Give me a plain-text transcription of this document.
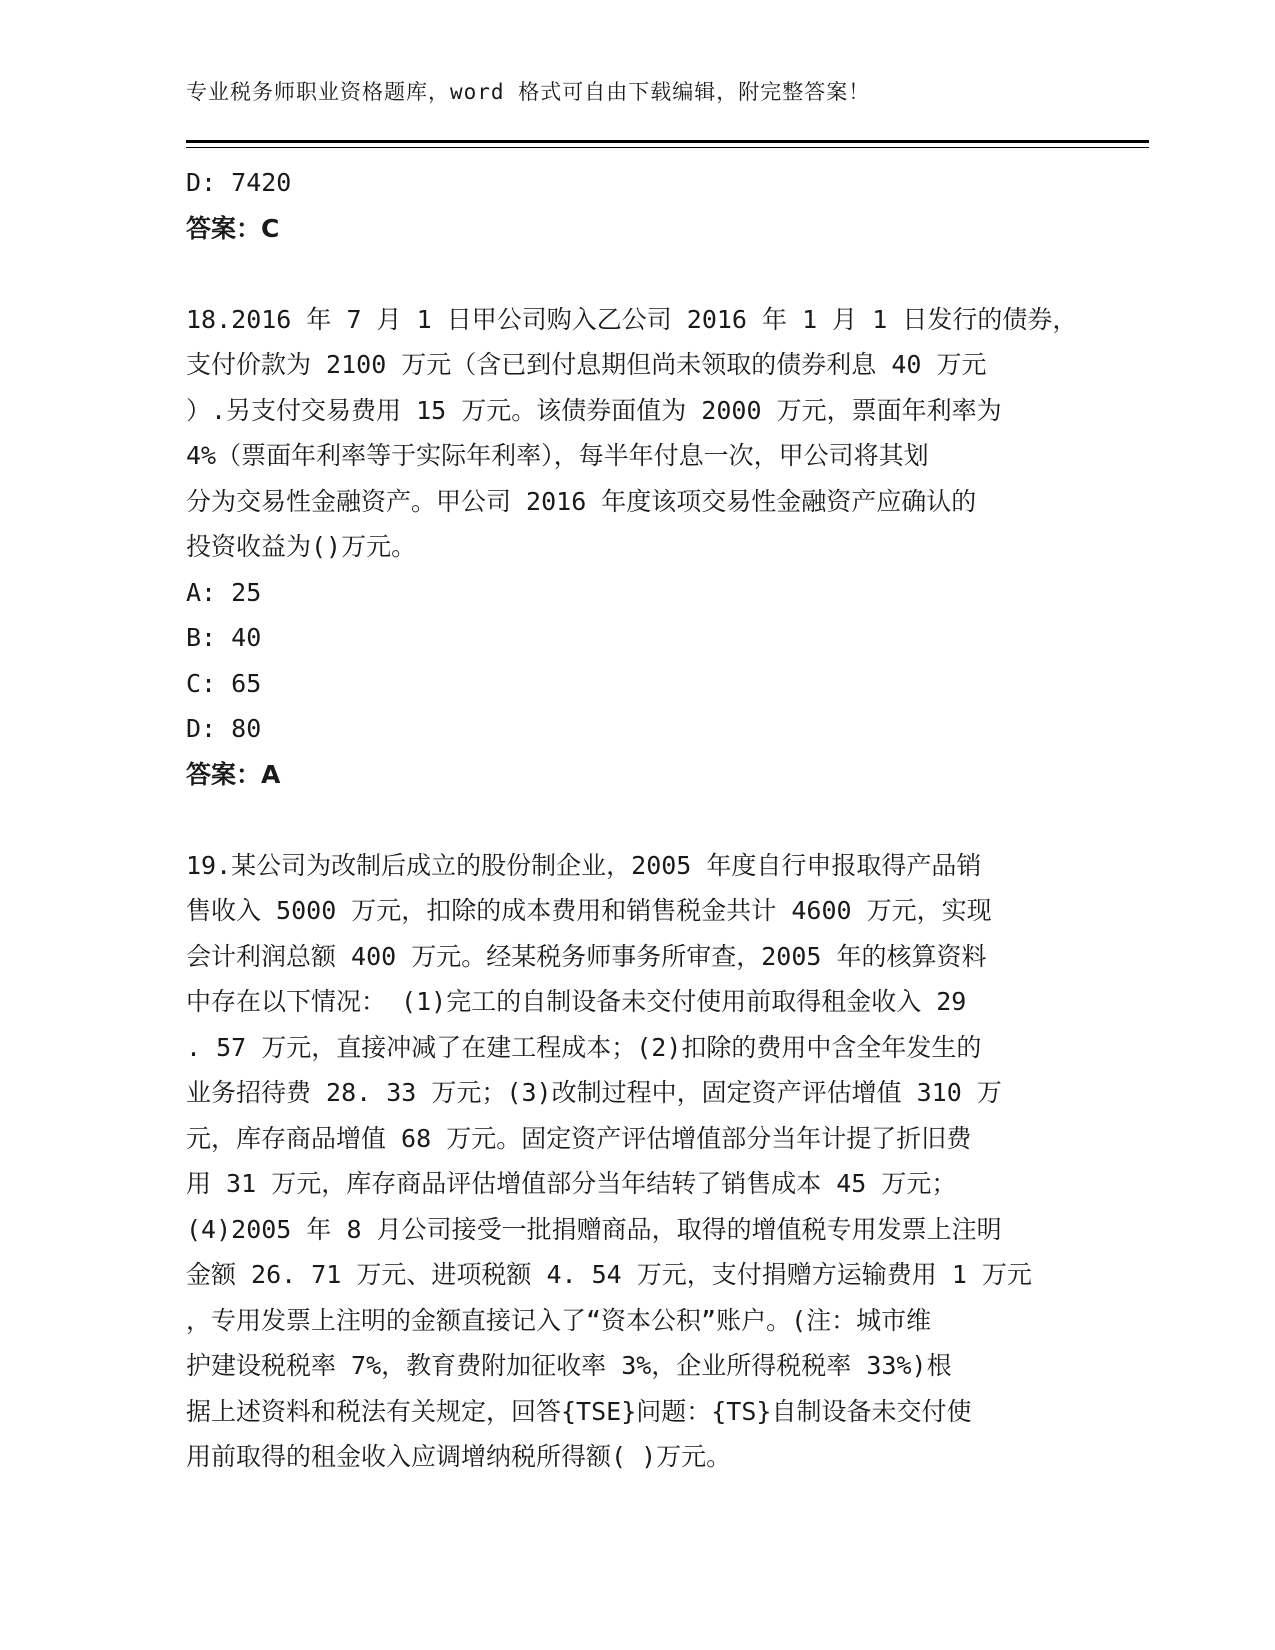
专业税务师职业资格题库，word 格式可自由下载编辑，附完整答案！
D: 7420
答案：C
18.2016 年 7 月 1 日甲公司购入乙公司 2016 年 1 月 1 日发行的债券，
支付价款为 2100 万元（含已到付息期但尚未领取的债券利息 40 万元
）.另支付交易费用 15 万元。该债券面值为 2000 万元，票面年利率为
4%（票面年利率等于实际年利率），每半年付息一次，甲公司将其划
分为交易性金融资产。甲公司 2016 年度该项交易性金融资产应确认的
投资收益为()万元。
A: 25
B: 40
C: 65
D: 80
答案：A
19.某公司为改制后成立的股份制企业，2005 年度自行申报取得产品销
售收入 5000 万元，扣除的成本费用和销售税金共计 4600 万元，实现
会计利润总额 400 万元。经某税务师事务所审查，2005 年的核算资料
中存在以下情况： (1)完工的自制设备未交付使用前取得租金收入 29
. 57 万元，直接冲减了在建工程成本；(2)扣除的费用中含全年发生的
业务招待费 28. 33 万元；(3)改制过程中，固定资产评估增值 310 万
元，库存商品增值 68 万元。固定资产评估增值部分当年计提了折旧费
用 31 万元，库存商品评估增值部分当年结转了销售成本 45 万元；
(4)2005 年 8 月公司接受一批捐赠商品，取得的增值税专用发票上注明
金额 26. 71 万元、进项税额 4. 54 万元，支付捐赠方运输费用 1 万元
，专用发票上注明的金额直接记入了“资本公积”账户。(注：城市维
护建设税税率 7%，教育费附加征收率 3%，企业所得税税率 33%)根
据上述资料和税法有关规定，回答{TSE}问题：{TS}自制设备未交付使
用前取得的租金收入应调增纳税所得额( )万元。
